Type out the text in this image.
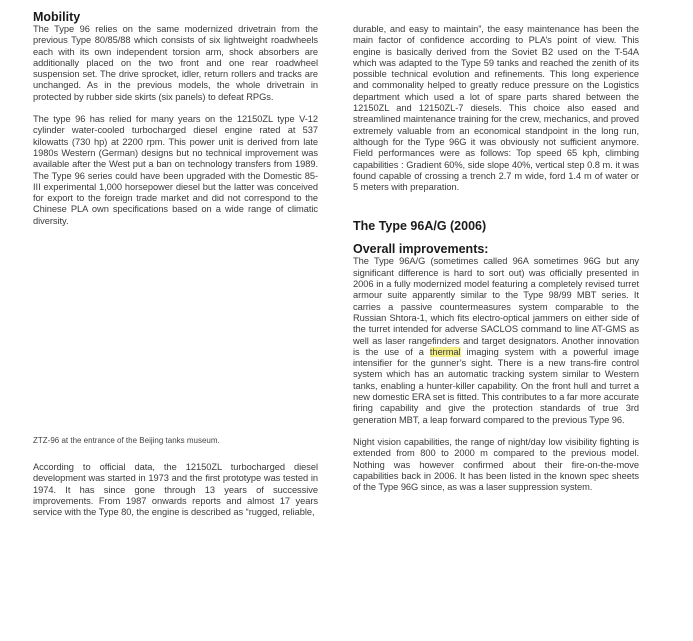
Mobility

The Type 96 relies on the same modernized drivetrain from the previous Type 80/85/88 which consists of six lightweight roadwheels each with its own independent torsion arm, shock absorbers are additionally placed on the two front and one rear roadwheel suspension set. The drive sprocket, idler, return rollers and tracks are unchanged. As in the previous models, the whole drivetrain in protected by rubber side skirts (six panels) to defeat RPGs.

The type 96 has relied for many years on the 12150ZL type V-12 cylinder water-cooled turbocharged diesel engine rated at 537 kilowatts (730 hp) at 2200 rpm. This power unit is derived from late 1980s Western (German) designs but no technical improvement was available after the West put a ban on technology transfers from 1989. The Type 96 series could have been upgraded with the Domestic 85-III experimental 1,000 horsepower diesel but the latter was conceived for export to the foreign trade market and did not correspond to the Chinese PLA own specifications based on a wide range of climatic diversity.

According to official data, the 12150ZL turbocharged diesel development was started in 1973 and the first prototype was tested in 1974. It has since gone through 13 years of successive improvements. From 1987 onwards reports and almost 17 years service with the Type 80, the engine is described as “rugged, reliable,

ZTZ-96 at the entrance of the Beijing tanks museum.

durable, and easy to maintain”, the easy maintenance has been the main factor of confidence according to PLA’s point of view. This engine is basically derived from the Soviet B2 used on the T-54A which was adapted to the Type 59 tanks and reached the zenith of its possible technical evolution and refinements. This long experience and commonality helped to greatly reduce pressure on the Logistics department which used a lot of spare parts shared between the 12150ZL and 12150ZL-7 diesels. This choice also eased and streamlined maintenance training for the crew, mechanics, and proved extremely valuable from an economical standpoint in the long run, although for the Type 96G it was obviously not sufficient anymore. Field performances were as follows: Top speed 65 kph, climbing capabilities : Gradient 60%, side slope 40%, vertical step 0.8 m. it was found capable of crossing a trench 2.7 m wide, ford 1.4 m of water or 5 meters with preparation.

The Type 96A/G (2006)
Overall improvements:

The Type 96A/G (sometimes called 96A sometimes 96G but any significant difference is hard to sort out) was officially presented in 2006 in a fully modernized model featuring a completely revised turret armour suite apparently similar to the Type 98/99 MBT series. It carries a passive countermeasures system comparable to the Russian Shtora-1, which fits electro-optical jammers on either side of the turret intended for adverse SACLOS command to line AT-GMS as well as laser rangefinders and target designators. Another innovation is the use of a thermal imaging system with a powerful image intensifier for the gunner’s sight. There is a new trans-fire control system which has an automatic tracking system similar to Western tanks, enabling a hunter-killer capability. On the front hull and turret a new domestic ERA set is fitted. This contributes to a far more accurate firing capability and give the protection standards of true 3rd generation MBT, a leap forward compared to the previous Type 96.

Night vision capabilities, the range of night/day low visibility fighting is extended from 800 to 2000 m compared to the previous model. Nothing was however confirmed about their fire-on-the-move capabilities back in 2006. It has been listed in the known spec sheets of the Type 96G since, as was a laser suppression system.
